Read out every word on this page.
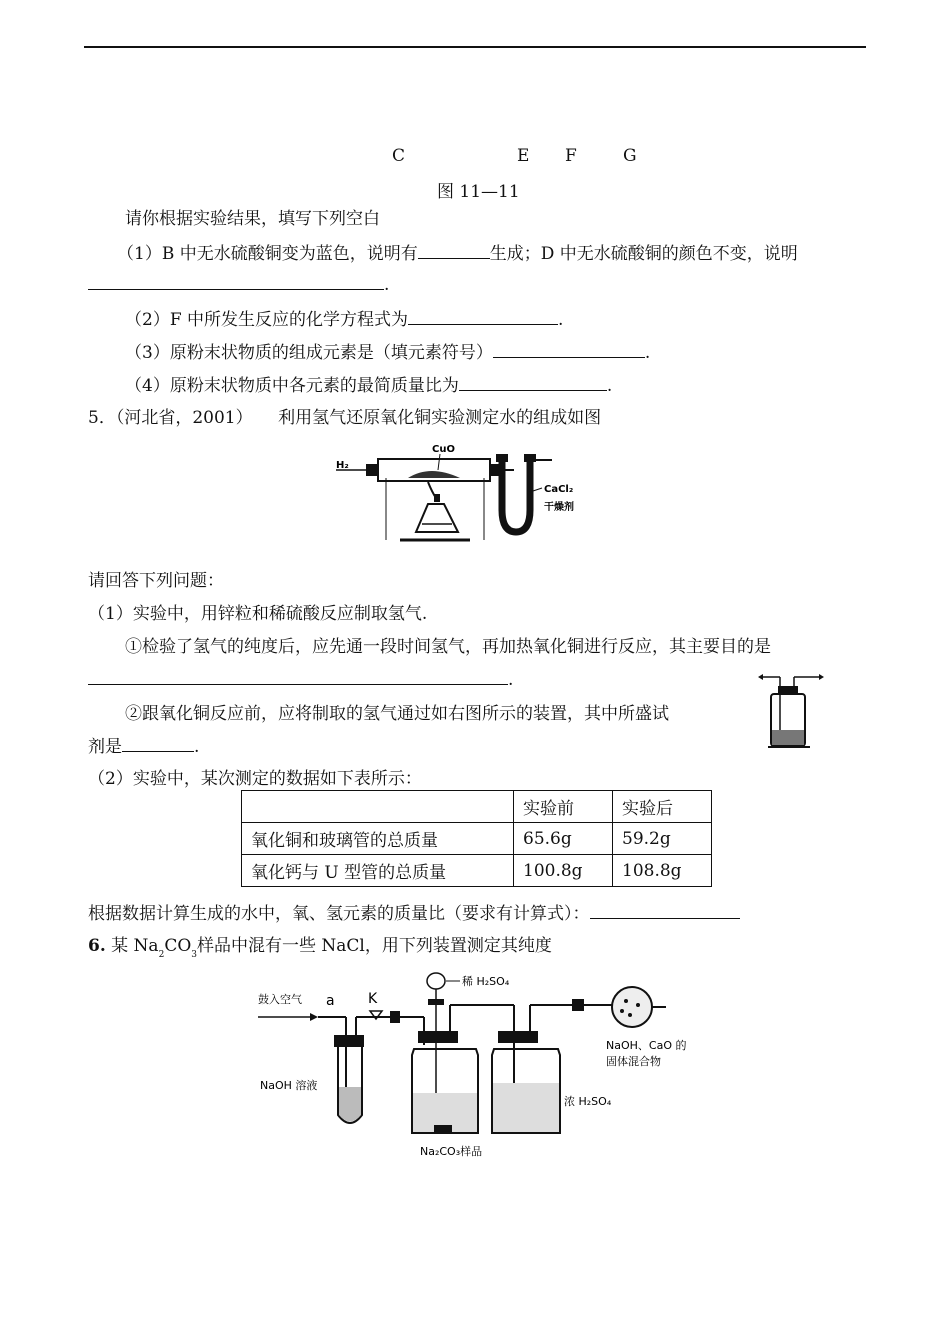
C	E F	G
图 11—11
请你根据实验结果，填写下列空白
（1）B 中无水硫酸铜变为蓝色，说明有	生成；D 中无水硫酸铜的颜色不变，说明
.
（2）F 中所发生反应的化学方程式为	.
（3）原粉末状物质的组成元素是（填元素符号）	.
（4）原粉末状物质中各元素的最简质量比为	.
5．（河北省，2001）　　利用氢气还原氧化铜实验测定水的组成如图
H₂
CuO
CaCl₂
干燥剂
请回答下列问题：
（1）实验中，用锌粒和稀硫酸反应制取氢气.
①检验了氢气的纯度后，应先通一段时间氢气，再加热氧化铜进行反应，其主要目的是
.
②跟氧化铜反应前，应将制取的氢气通过如右图所示的装置，其中所盛试
剂是	.
（2）实验中，某次测定的数据如下表所示：
	实验前	实验后
氧化铜和玻璃管的总质量	65.6g	59.2g
氧化钙与 U 型管的总质量	100.8g	108.8g
根据数据计算生成的水中，氧、氢元素的质量比（要求有计算式）：
6. 某 $Na_2CO_3$样品中混有一些 NaCl，用下列装置测定其纯度
鼓入空气 a K
稀 H₂SO₄
Na₂CO₃样品
浓 H₂SO₄
NaOH、CaO 的
固体混合物
NaOH 溶液
